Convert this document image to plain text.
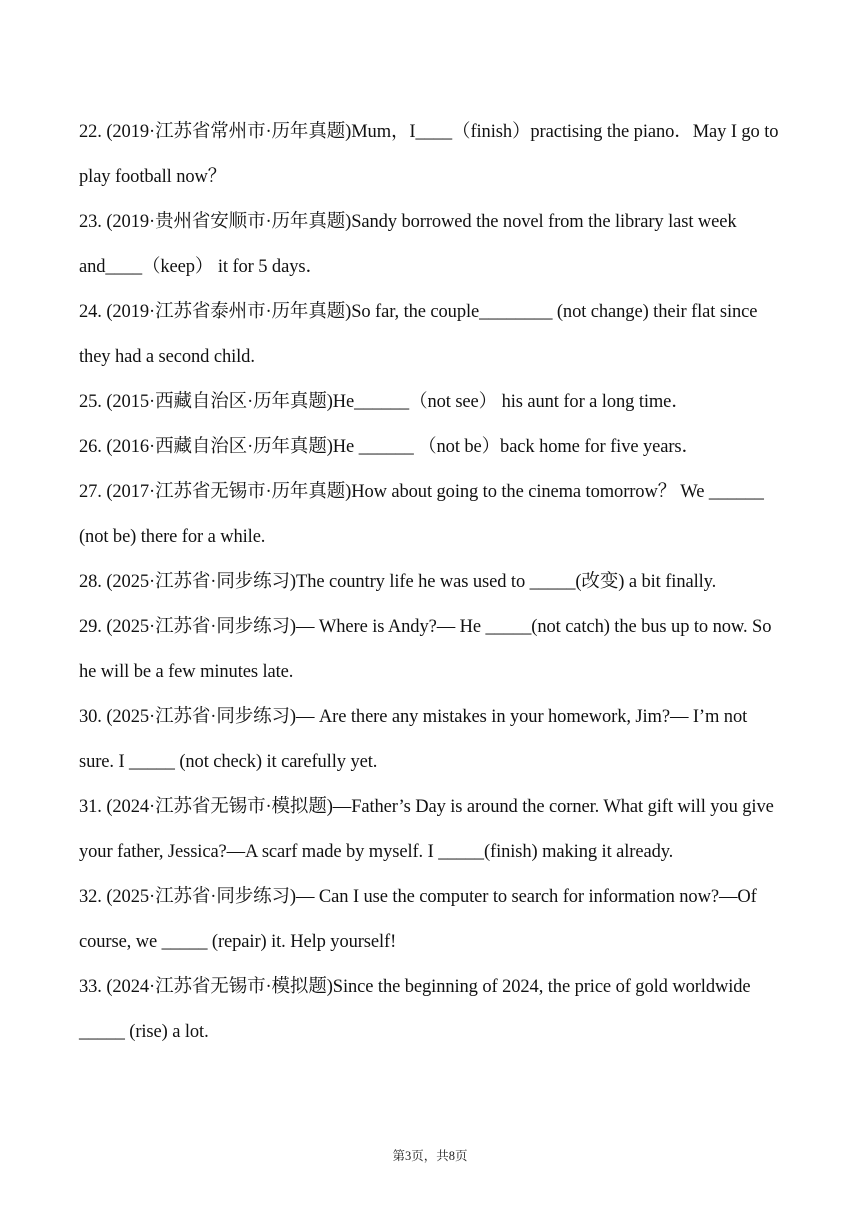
22. (2019·江苏省常州市·历年真题)Mum，I____（finish）practising the piano．May I go to play football now？

23. (2019·贵州省安顺市·历年真题)Sandy borrowed the novel from the library last week and____（keep） it for 5 days．

24. (2019·江苏省泰州市·历年真题)So far, the couple________ (not change) their flat since they had a second child.

25. (2015·西藏自治区·历年真题)He______（not see） his aunt for a long time．

26. (2016·西藏自治区·历年真题)He ______ （not be）back home for five years．

27. (2017·江苏省无锡市·历年真题)How about going to the cinema tomorrow？ We ______ (not be) there for a while.

28. (2025·江苏省·同步练习)The country life he was used to _____(改变) a bit finally.

29. (2025·江苏省·同步练习)— Where is Andy?— He _____(not catch) the bus up to now. So he will be a few minutes late.

30. (2025·江苏省·同步练习)— Are there any mistakes in your homework, Jim?— I’m not sure. I _____ (not check) it carefully yet.

31. (2024·江苏省无锡市·模拟题)—Father’s Day is around the corner. What gift will you give your father, Jessica?—A scarf made by myself. I _____(finish) making it already.

32. (2025·江苏省·同步练习)— Can I use the computer to search for information now?—Of course, we _____ (repair) it. Help yourself!

33. (2024·江苏省无锡市·模拟题)Since the beginning of 2024, the price of gold worldwide _____ (rise) a lot.

第3页，共8页
